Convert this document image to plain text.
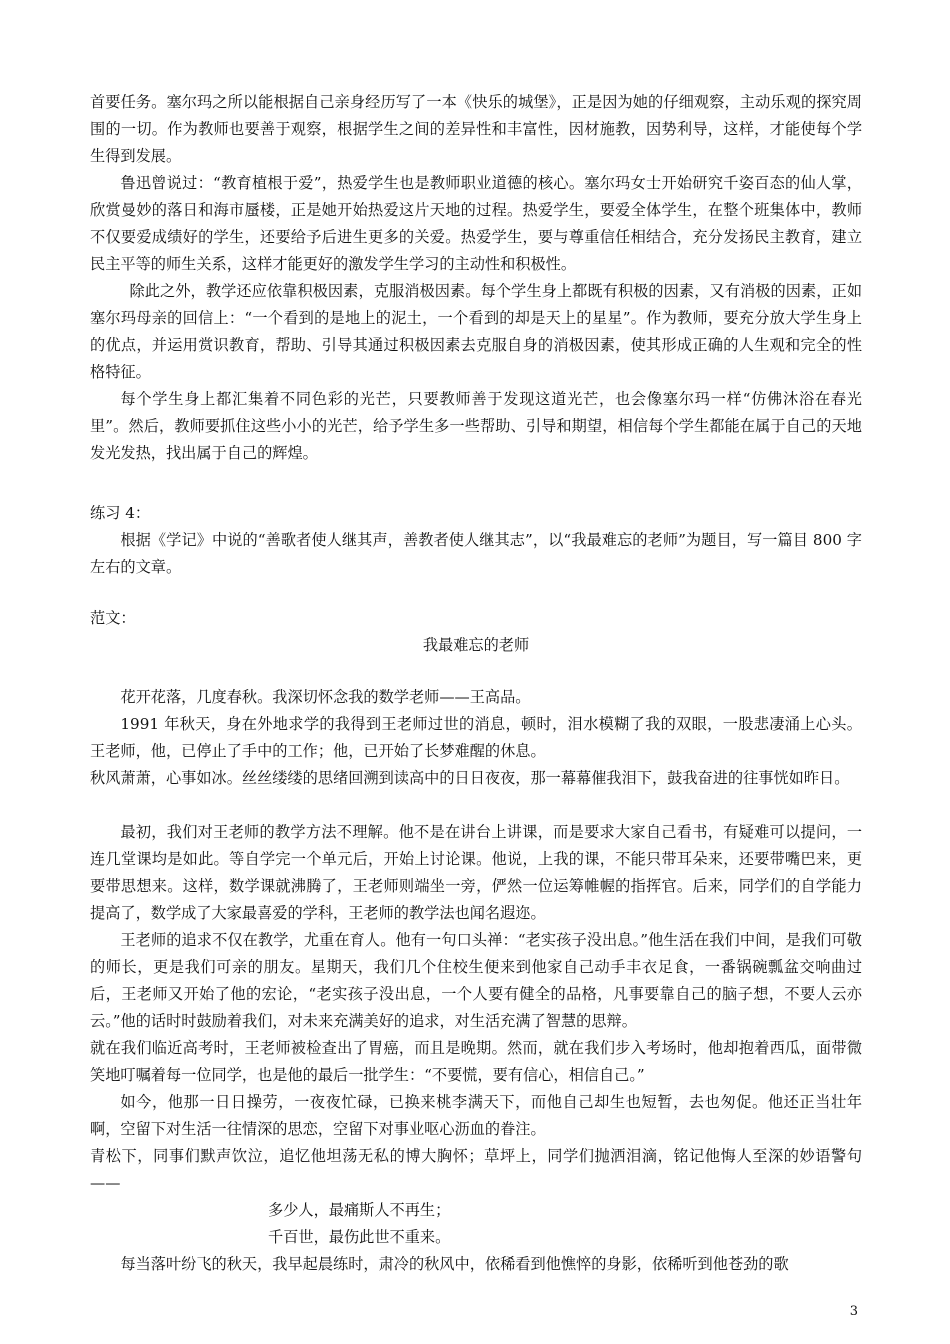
首要任务。塞尔玛之所以能根据自己亲身经历写了一本《快乐的城堡》，正是因为她的仔细观察，主动乐观的探究周围的一切。作为教师也要善于观察，根据学生之间的差异性和丰富性，因材施教，因势利导，这样，才能使每个学生得到发展。

鲁迅曾说过：“教育植根于爱”，热爱学生也是教师职业道德的核心。塞尔玛女士开始研究千姿百态的仙人掌，欣赏曼妙的落日和海市蜃楼，正是她开始热爱这片天地的过程。热爱学生，要爱全体学生，在整个班集体中，教师不仅要爱成绩好的学生，还要给予后进生更多的关爱。热爱学生，要与尊重信任相结合，充分发扬民主教育，建立民主平等的师生关系，这样才能更好的激发学生学习的主动性和积极性。

除此之外，教学还应依靠积极因素，克服消极因素。每个学生身上都既有积极的因素，又有消极的因素，正如塞尔玛母亲的回信上：“一个看到的是地上的泥土，一个看到的却是天上的星星”。作为教师，要充分放大学生身上的优点，并运用赏识教育，帮助、引导其通过积极因素去克服自身的消极因素，使其形成正确的人生观和完全的性格特征。

每个学生身上都汇集着不同色彩的光芒，只要教师善于发现这道光芒，也会像塞尔玛一样“仿佛沐浴在春光里”。然后，教师要抓住这些小小的光芒，给予学生多一些帮助、引导和期望，相信每个学生都能在属于自己的天地发光发热，找出属于自己的辉煌。

练习 4：

根据《学记》中说的“善歌者使人继其声，善教者使人继其志”，以“我最难忘的老师”为题目，写一篇目 800 字左右的文章。

范文：

我最难忘的老师

花开花落，几度春秋。我深切怀念我的数学老师——王高品。

1991 年秋天，身在外地求学的我得到王老师过世的消息，顿时，泪水模糊了我的双眼，一股悲凄涌上心头。王老师，他，已停止了手中的工作；他，已开始了长梦难醒的休息。

秋风萧萧，心事如冰。丝丝缕缕的思绪回溯到读高中的日日夜夜，那一幕幕催我泪下，鼓我奋进的往事恍如昨日。

最初，我们对王老师的教学方法不理解。他不是在讲台上讲课，而是要求大家自己看书，有疑难可以提问，一连几堂课均是如此。等自学完一个单元后，开始上讨论课。他说，上我的课，不能只带耳朵来，还要带嘴巴来，更要带思想来。这样，数学课就沸腾了，王老师则端坐一旁，俨然一位运筹帷幄的指挥官。后来，同学们的自学能力提高了，数学成了大家最喜爱的学科，王老师的教学法也闻名遐迩。

王老师的追求不仅在教学，尤重在育人。他有一句口头禅：“老实孩子没出息。”他生活在我们中间，是我们可敬的师长，更是我们可亲的朋友。星期天，我们几个住校生便来到他家自己动手丰衣足食，一番锅碗瓢盆交响曲过后，王老师又开始了他的宏论，“老实孩子没出息，一个人要有健全的品格，凡事要靠自己的脑子想，不要人云亦云。”他的话时时鼓励着我们，对未来充满美好的追求，对生活充满了智慧的思辩。

就在我们临近高考时，王老师被检查出了胃癌，而且是晚期。然而，就在我们步入考场时，他却抱着西瓜，面带微笑地叮嘱着每一位同学，也是他的最后一批学生：“不要慌，要有信心，相信自己。”

如今，他那一日日操劳，一夜夜忙碌，已换来桃李满天下，而他自己却生也短暂，去也匆促。他还正当壮年啊，空留下对生活一往情深的思恋，空留下对事业呕心沥血的眷注。

青松下，同事们默声饮泣，追忆他坦荡无私的博大胸怀；草坪上，同学们抛洒泪滴，铭记他悔人至深的妙语警句——

多少人，最痛斯人不再生；

千百世，最伤此世不重来。

每当落叶纷飞的秋天，我早起晨练时，肃冷的秋风中，依稀看到他憔悴的身影，依稀听到他苍劲的歌

3
